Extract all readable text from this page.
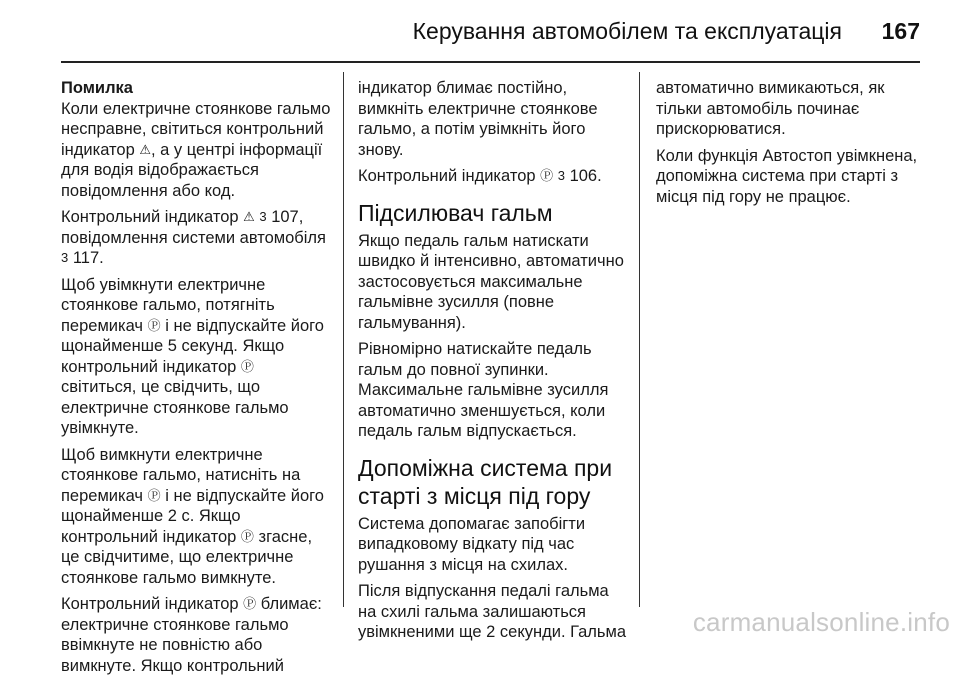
Керування автомобілем та експлуатація 167

Помилка

Коли електричне стоянкове гальмо несправне, світиться контрольний індикатор ⚠, а у центрі інформації для водія відображається повідомлення або код.

Контрольний індикатор ⚠ 3 107, повідомлення системи автомобіля 3 117.

Щоб увімкнути електричне стоянкове гальмо, потягніть перемикач Ⓟ і не відпускайте його щонайменше 5 секунд. Якщо контрольний індикатор Ⓟ світиться, це свідчить, що електричне стоянкове гальмо увімкнуте.

Щоб вимкнути електричне стоянкове гальмо, натисніть на перемикач Ⓟ і не відпускайте його щонайменше 2 с. Якщо контрольний індикатор Ⓟ згасне, це свідчитиме, що електричне стоянкове гальмо вимкнуте.

Контрольний індикатор Ⓟ блимає: електричне стоянкове гальмо ввімкнуте не повністю або вимкнуте. Якщо контрольний

індикатор блимає постійно, вимкніть електричне стоянкове гальмо, а потім увімкніть його знову.

Контрольний індикатор Ⓟ 3 106.

Підсилювач гальм

Якщо педаль гальм натискати швидко й інтенсивно, автоматично застосовується максимальне гальмівне зусилля (повне гальмування).

Рівномірно натискайте педаль гальм до повної зупинки. Максимальне гальмівне зусилля автоматично зменшується, коли педаль гальм відпускається.

Допоміжна система при старті з місця під гору

Система допомагає запобігти випадковому відкату під час рушання з місця на схилах.

Після відпускання педалі гальма на схилі гальма залишаються увімкненими ще 2 секунди. Гальма

автоматично вимикаються, як тільки автомобіль починає прискорюватися.

Коли функція Автостоп увімкнена, допоміжна система при старті з місця під гору не працює.

carmanualsonline.info
